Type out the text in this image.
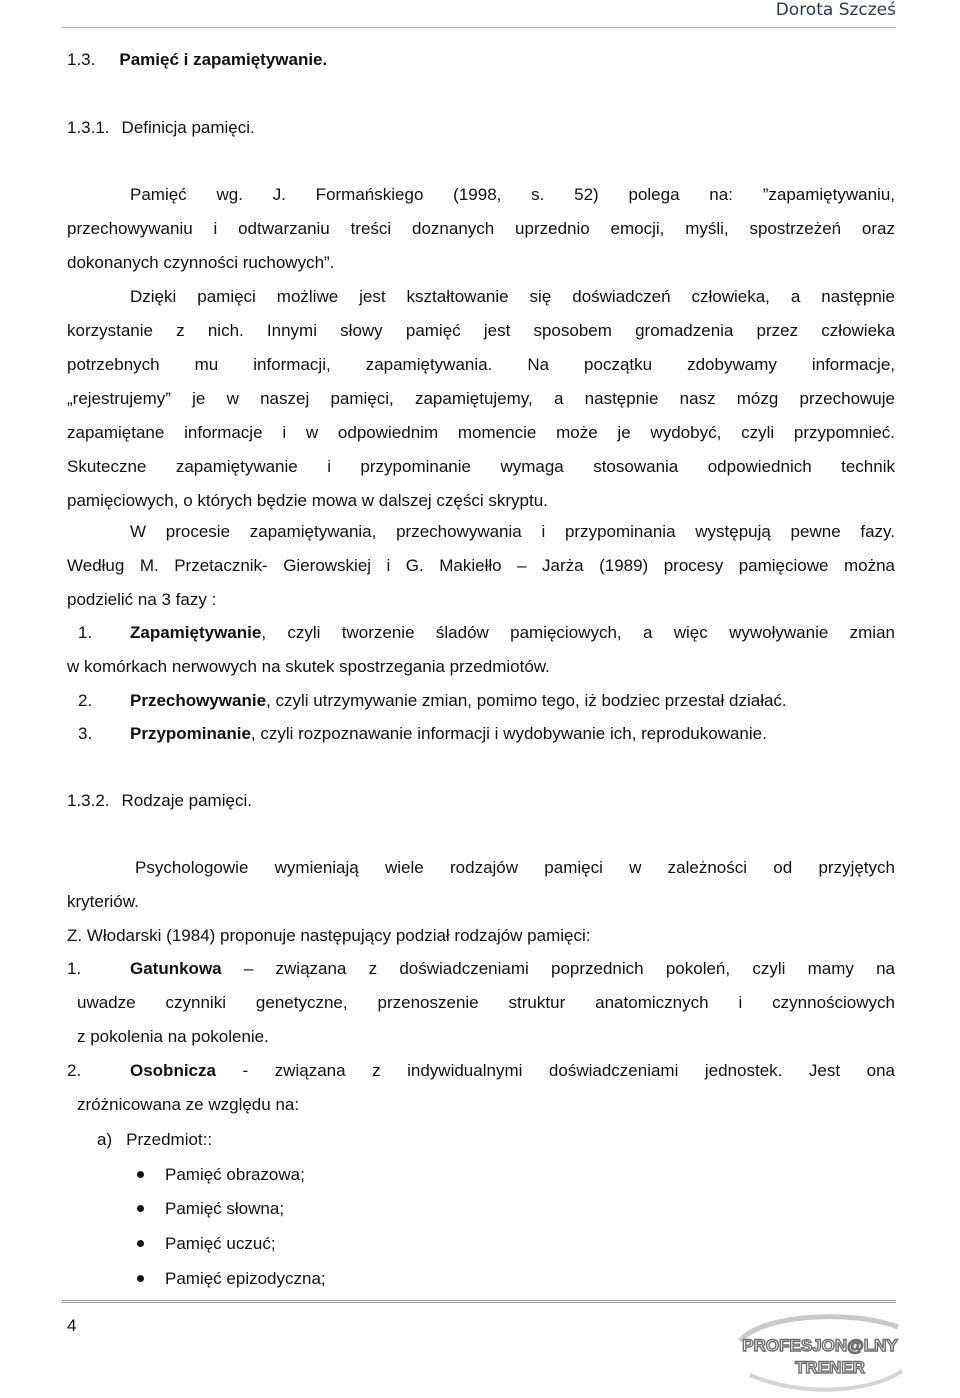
Dorota Szcześ
1.3. Pamięć i zapamiętywanie.
1.3.1. Definicja pamięci.
Pamięć wg. J. Formańskiego (1998, s. 52) polega na: ”zapamiętywaniu,
przechowywaniu i odtwarzaniu treści doznanych uprzednio emocji, myśli, spostrzeżeń oraz
dokonanych czynności ruchowych”.
Dzięki pamięci możliwe jest kształtowanie się doświadczeń człowieka, a następnie
korzystanie z nich. Innymi słowy pamięć jest sposobem gromadzenia przez człowieka
potrzebnych mu informacji, zapamiętywania. Na początku zdobywamy informacje,
„rejestrujemy” je w naszej pamięci, zapamiętujemy, a następnie nasz mózg przechowuje
zapamiętane informacje i w odpowiednim momencie może je wydobyć, czyli przypomnieć.
Skuteczne zapamiętywanie i przypominanie wymaga stosowania odpowiednich technik
pamięciowych, o których będzie mowa w dalszej części skryptu.
W procesie zapamiętywania, przechowywania i przypominania występują pewne fazy.
Według M. Przetacznik- Gierowskiej i G. Makiełło – Jarża (1989) procesy pamięciowe można
podzielić na 3 fazy :
1. Zapamiętywanie, czyli tworzenie śladów pamięciowych, a więc wywoływanie zmian
w komórkach nerwowych na skutek spostrzegania przedmiotów.
2. Przechowywanie, czyli utrzymywanie zmian, pomimo tego, iż bodziec przestał działać.
3. Przypominanie, czyli rozpoznawanie informacji i wydobywanie ich, reprodukowanie.
1.3.2. Rodzaje pamięci.
Psychologowie wymieniają wiele rodzajów pamięci w zależności od przyjętych
kryteriów.
Z. Włodarski (1984) proponuje następujący podział rodzajów pamięci:
1.	Gatunkowa – związana z doświadczeniami poprzednich pokoleń, czyli mamy na
uwadze czynniki genetyczne, przenoszenie struktur anatomicznych i czynnościowych
z pokolenia na pokolenie.
2.	Osobnicza - związana z indywidualnymi doświadczeniami jednostek. Jest ona
zróżnicowana ze względu na:
a) Przedmiot::
Pamięć obrazowa;
Pamięć słowna;
Pamięć uczuć;
Pamięć epizodyczna;
4
PROFESJON@LNY
TRENER
